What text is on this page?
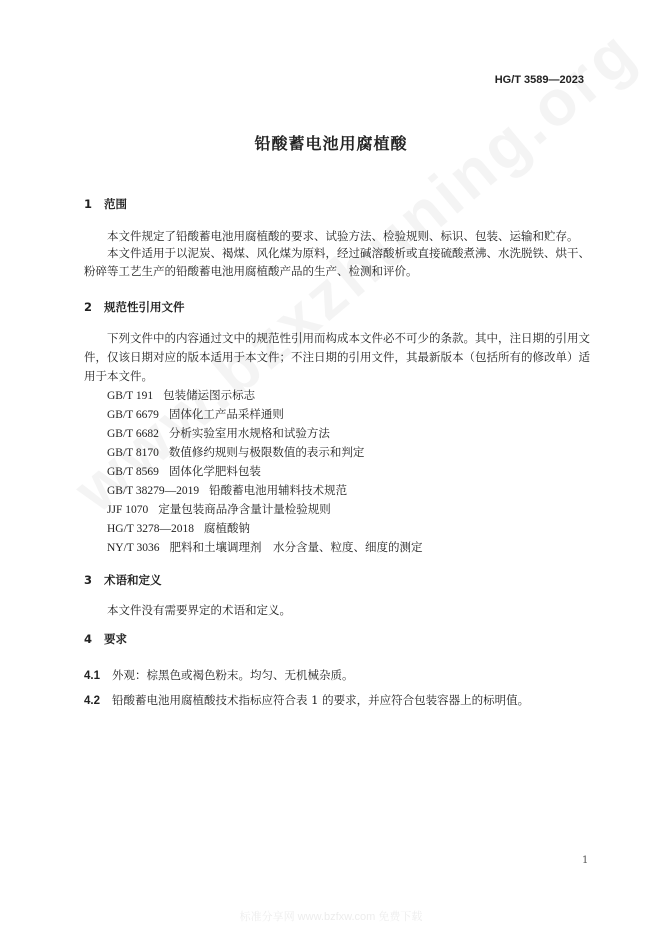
HG/T 3589—2023
铅酸蓄电池用腐植酸
1 范围

本文件规定了铅酸蓄电池用腐植酸的要求、试验方法、检验规则、标识、包装、运输和贮存。

本文件适用于以泥炭、褐煤、风化煤为原料，经过碱溶酸析或直接硫酸煮沸、水洗脱铁、烘干、粉碎等工艺生产的铅酸蓄电池用腐植酸产品的生产、检测和评价。

2 规范性引用文件

下列文件中的内容通过文中的规范性引用而构成本文件必不可少的条款。其中，注日期的引用文件，仅该日期对应的版本适用于本文件；不注日期的引用文件，其最新版本（包括所有的修改单）适用于本文件。

GB/T 191 包装储运图示标志
GB/T 6679 固体化工产品采样通则
GB/T 6682 分析实验室用水规格和试验方法
GB/T 8170 数值修约规则与极限数值的表示和判定
GB/T 8569 固体化学肥料包装
GB/T 38279—2019 铅酸蓄电池用辅料技术规范
JJF 1070 定量包装商品净含量计量检验规则
HG/T 3278—2018 腐植酸钠
NY/T 3036 肥料和土壤调理剂　水分含量、粒度、细度的测定
3 术语和定义

本文件没有需要界定的术语和定义。

4 要求
4.1 外观：棕黑色或褐色粉末。均匀、无机械杂质。
4.2 铅酸蓄电池用腐植酸技术指标应符合表 1 的要求，并应符合包装容器上的标明值。
1
标准分享网 www.bzfxw.com 免费下载
